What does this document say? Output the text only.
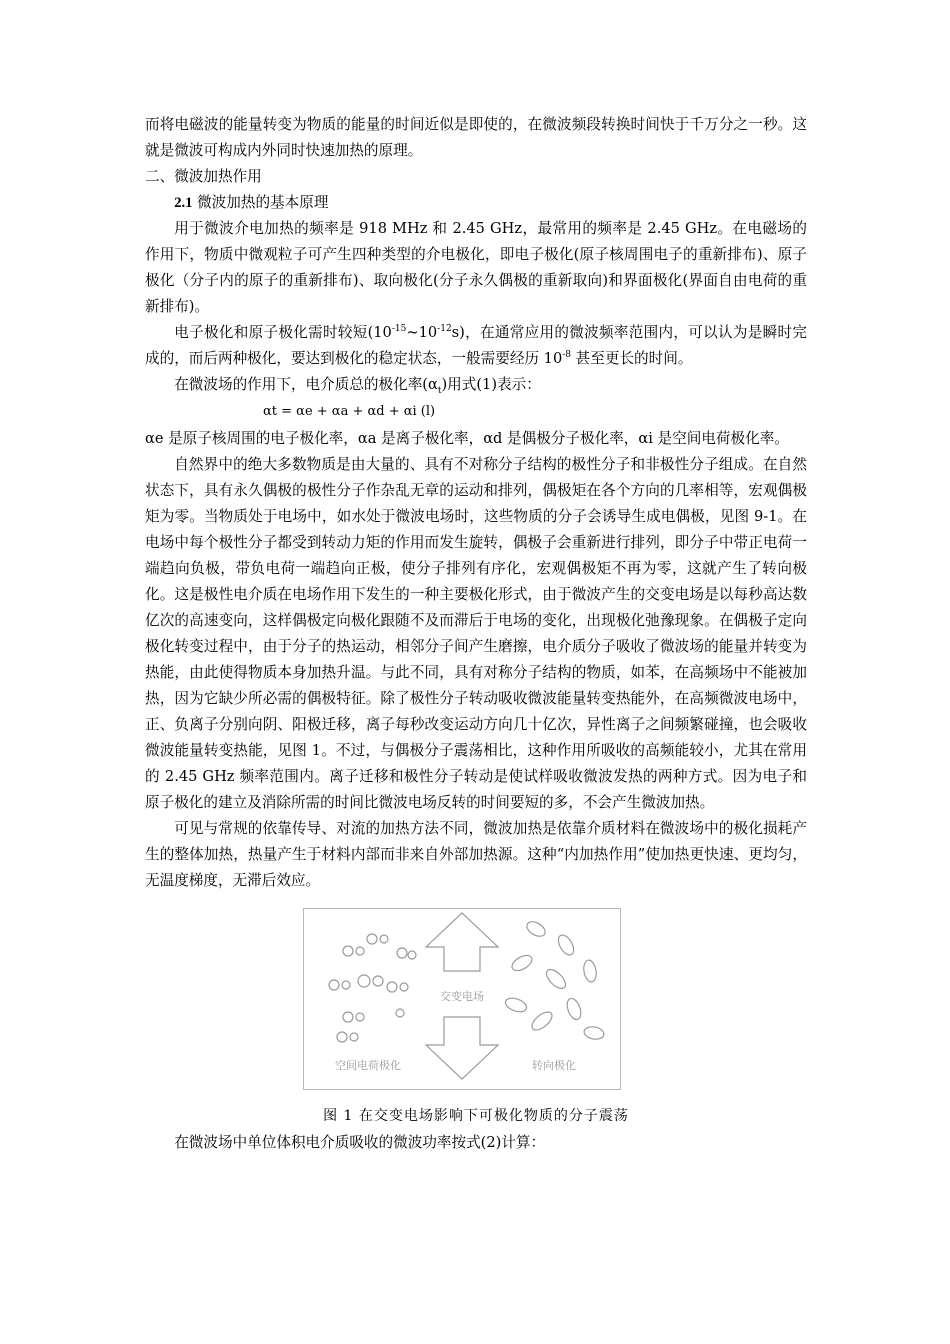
而将电磁波的能量转变为物质的能量的时间近似是即使的，在微波频段转换时间快于千万分之一秒。这就是微波可构成内外同时快速加热的原理。

二、微波加热作用

2.1 微波加热的基本原理

用于微波介电加热的频率是 918 MHz 和 2.45 GHz，最常用的频率是 2.45 GHz。在电磁场的作用下，物质中微观粒子可产生四种类型的介电极化，即电子极化(原子核周围电子的重新排布)、原子极化（分子内的原子的重新排布)、取向极化(分子永久偶极的重新取向)和界面极化(界面自由电荷的重新排布)。

电子极化和原子极化需时较短$(10^{-15}\sim 10^{-12}s)$，在通常应用的微波频率范围内，可以认为是瞬时完成的，而后两种极化，要达到极化的稳定状态，一般需要经历 $10^{-8}$ 甚至更长的时间。

在微波场的作用下，电介质总的极化率$(\alpha_t)$用式(1)表示：

αt = αe + αa + αd + αi (l)

αe 是原子核周围的电子极化率，αa 是离子极化率，αd 是偶极分子极化率，αi 是空间电荷极化率。

自然界中的绝大多数物质是由大量的、具有不对称分子结构的极性分子和非极性分子组成。在自然状态下，具有永久偶极的极性分子作杂乱无章的运动和排列，偶极矩在各个方向的几率相等，宏观偶极矩为零。当物质处于电场中，如水处于微波电场时，这些物质的分子会诱导生成电偶极，见图 9-1。在电场中每个极性分子都受到转动力矩的作用而发生旋转，偶极子会重新进行排列，即分子中带正电荷一端趋向负极，带负电荷一端趋向正极，使分子排列有序化，宏观偶极矩不再为零，这就产生了转向极化。这是极性电介质在电场作用下发生的一种主要极化形式，由于微波产生的交变电场是以每秒高达数亿次的高速变向，这样偶极定向极化跟随不及而滞后于电场的变化，出现极化弛豫现象。在偶极子定向极化转变过程中，由于分子的热运动，相邻分子间产生磨擦，电介质分子吸收了微波场的能量并转变为热能，由此使得物质本身加热升温。与此不同，具有对称分子结构的物质，如苯，在高频场中不能被加热，因为它缺少所必需的偶极特征。除了极性分子转动吸收微波能量转变热能外，在高频微波电场中，正、负离子分别向阴、阳极迁移，离子每秒改变运动方向几十亿次，异性离子之间频繁碰撞，也会吸收微波能量转变热能，见图 1。不过，与偶极分子震荡相比，这种作用所吸收的高频能较小，尤其在常用的 2.45 GHz 频率范围内。离子迁移和极性分子转动是使试样吸收微波发热的两种方式。因为电子和原子极化的建立及消除所需的时间比微波电场反转的时间要短的多，不会产生微波加热。

可见与常规的依靠传导、对流的加热方法不同，微波加热是依靠介质材料在微波场中的极化损耗产生的整体加热，热量产生于材料内部而非来自外部加热源。这种“内加热作用”使加热更快速、更均匀，无温度梯度，无滞后效应。

交变电场
空间电荷极化	转向极化

图 1 在交变电场影响下可极化物质的分子震荡

在微波场中单位体积电介质吸收的微波功率按式(2)计算：
